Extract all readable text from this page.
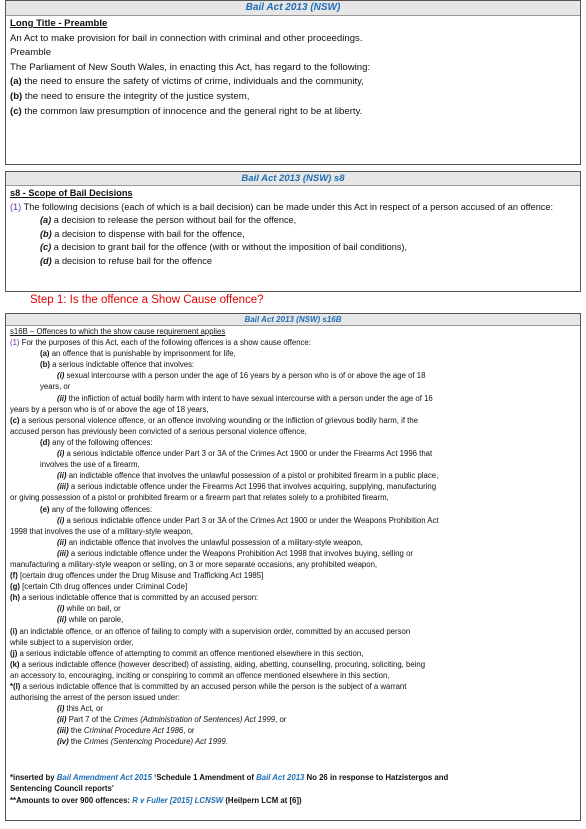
Bail Act 2013 (NSW)

Long Title - Preamble

An Act to make provision for bail in connection with criminal and other proceedings.

Preamble

The Parliament of New South Wales, in enacting this Act, has regard to the following:

(a) the need to ensure the safety of victims of crime, individuals and the community,

(b) the need to ensure the integrity of the justice system,

(c) the common law presumption of innocence and the general right to be at liberty.

Bail Act 2013 (NSW) s8

s8 - Scope of Bail Decisions

(1) The following decisions (each of which is a bail decision) can be made under this Act in respect of a person accused of an offence:

(a) a decision to release the person without bail for the offence,

(b) a decision to dispense with bail for the offence,

(c) a decision to grant bail for the offence (with or without the imposition of bail conditions),

(d) a decision to refuse bail for the offence

Step 1: Is the offence a Show Cause offence?
Bail Act 2013 (NSW) s16B

s16B – Offences to which the show cause requirement applies

(1) For the purposes of this Act, each of the following offences is a show cause offence:

(a) an offence that is punishable by imprisonment for life,

(b) a serious indictable offence that involves:

(i) sexual intercourse with a person under the age of 16 years by a person who is of or above the age of 18

years, or

(ii) the infliction of actual bodily harm with intent to have sexual intercourse with a person under the age of 16

years by a person who is of or above the age of 18 years,

(c) a serious personal violence offence, or an offence involving wounding or the infliction of grievous bodily harm, if the

accused person has previously been convicted of a serious personal violence offence,

(d) any of the following offences:

(i) a serious indictable offence under Part 3 or 3A of the Crimes Act 1900 or under the Firearms Act 1996 that

involves the use of a firearm,

(ii) an indictable offence that involves the unlawful possession of a pistol or prohibited firearm in a public place,

(iii) a serious indictable offence under the Firearms Act 1996 that involves acquiring, supplying, manufacturing

or giving possession of a pistol or prohibited firearm or a firearm part that relates solely to a prohibited firearm,

(e) any of the following offences:

(i) a serious indictable offence under Part 3 or 3A of the Crimes Act 1900 or under the Weapons Prohibition Act

1998 that involves the use of a military-style weapon,

(ii) an indictable offence that involves the unlawful possession of a military-style weapon,

(iii) a serious indictable offence under the Weapons Prohibition Act 1998 that involves buying, selling or

manufacturing a military-style weapon or selling, on 3 or more separate occasions, any prohibited weapon,

(f) [certain drug offences under the Drug Misuse and Trafficking Act 1985]

(g) [certain Cth drug offences under Criminal Code]

(h) a serious indictable offence that is committed by an accused person:

(i) while on bail, or

(ii) while on parole,

(i) an indictable offence, or an offence of failing to comply with a supervision order, committed by an accused person

while subject to a supervision order,

(j) a serious indictable offence of attempting to commit an offence mentioned elsewhere in this section,

(k) a serious indictable offence (however described) of assisting, aiding, abetting, counselling, procuring, soliciting, being

an accessory to, encouraging, inciting or conspiring to commit an offence mentioned elsewhere in this section,

*(l) a serious indictable offence that is committed by an accused person while the person is the subject of a warrant

authorising the arrest of the person issued under:

(i) this Act, or

(ii) Part 7 of the Crimes (Administration of Sentences) Act 1999, or

(iii) the Criminal Procedure Act 1986, or

(iv) the Crimes (Sentencing Procedure) Act 1999.

*inserted by Bail Amendment Act 2015 ‘Schedule 1 Amendment of Bail Act 2013 No 26 in response to Hatzistergos and
Sentencing Council reports’
**Amounts to over 900 offences: R v Fuller [2015] LCNSW (Heilpern LCM at [6])
